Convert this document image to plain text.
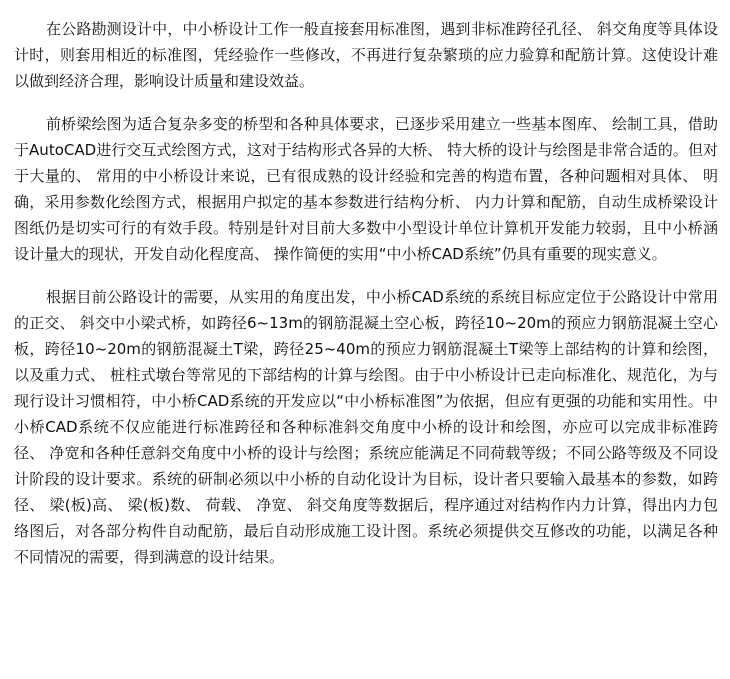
在公路勘测设计中，中小桥设计工作一般直接套用标准图，遇到非标准跨径孔径、 斜交角度等具体设计时，则套用相近的标准图，凭经验作一些修改，不再进行复杂繁琐的应力验算和配筋计算。这使设计难以做到经济合理，影响设计质量和建设效益。

前桥梁绘图为适合复杂多变的桥型和各种具体要求，已逐步采用建立一些基本图库、 绘制工具，借助于AutoCAD进行交互式绘图方式，这对于结构形式各异的大桥、 特大桥的设计与绘图是非常合适的。但对于大量的、 常用的中小桥设计来说，已有很成熟的设计经验和完善的构造布置，各种问题相对具体、 明确，采用参数化绘图方式，根据用户拟定的基本参数进行结构分析、 内力计算和配筋，自动生成桥梁设计图纸仍是切实可行的有效手段。特别是针对目前大多数中小型设计单位计算机开发能力较弱，且中小桥涵设计量大的现状，开发自动化程度高、 操作简便的实用“中小桥CAD系统”仍具有重要的现实意义。

根据目前公路设计的需要，从实用的角度出发，中小桥CAD系统的系统目标应定位于公路设计中常用的正交、 斜交中小梁式桥，如跨径6~13m的钢筋混凝土空心板，跨径10~20m的预应力钢筋混凝土空心板，跨径10~20m的钢筋混凝土T梁，跨径25~40m的预应力钢筋混凝土T梁等上部结构的计算和绘图，以及重力式、 桩柱式墩台等常见的下部结构的计算与绘图。由于中小桥设计已走向标准化、规范化，为与现行设计习惯相符，中小桥CAD系统的开发应以“中小桥标准图”为依据，但应有更强的功能和实用性。中小桥CAD系统不仅应能进行标准跨径和各种标准斜交角度中小桥的设计和绘图，亦应可以完成非标准跨径、 净宽和各种任意斜交角度中小桥的设计与绘图；系统应能满足不同荷载等级；不同公路等级及不同设计阶段的设计要求。系统的研制必须以中小桥的自动化设计为目标，设计者只要输入最基本的参数，如跨径、 梁(板)高、 梁(板)数、 荷载、 净宽、 斜交角度等数据后，程序通过对结构作内力计算，得出内力包络图后，对各部分构件自动配筋，最后自动形成施工设计图。系统必须提供交互修改的功能，以满足各种不同情况的需要，得到满意的设计结果。
